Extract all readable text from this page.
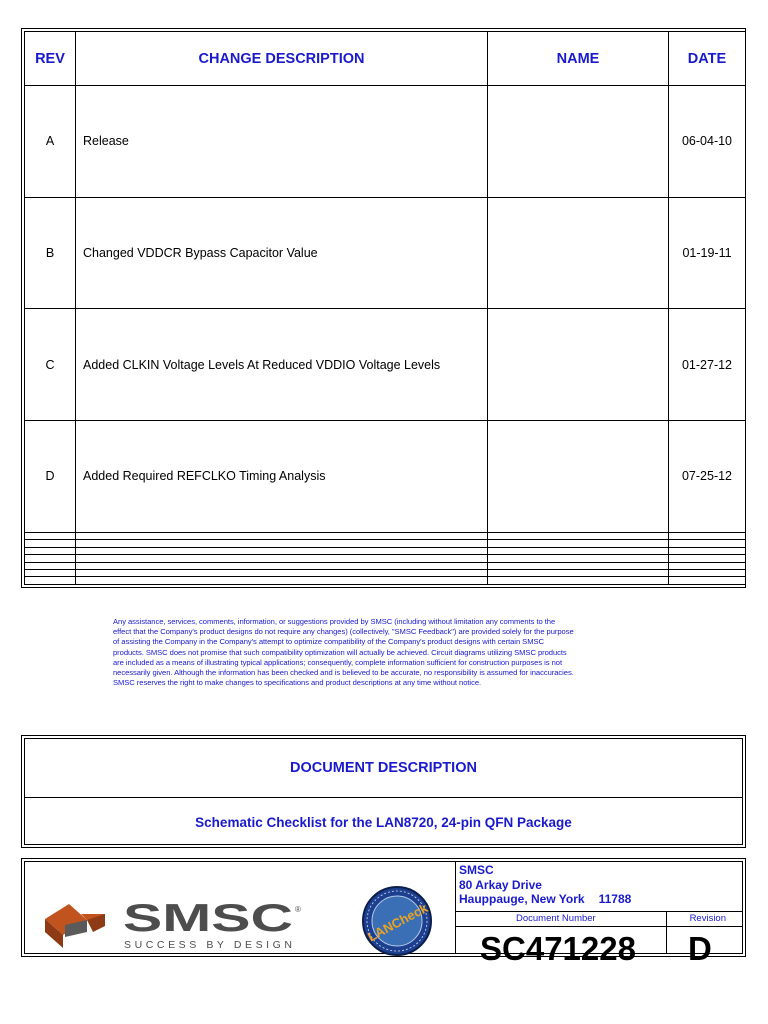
REV	CHANGE DESCRIPTION	NAME	DATE
A	Release		06-04-10
B	Changed VDDCR Bypass Capacitor Value		01-19-11
C	Added CLKIN Voltage Levels At Reduced VDDIO Voltage Levels		01-27-12
D	Added Required REFCLKO Timing Analysis		07-25-12

Any assistance, services, comments, information, or suggestions provided by SMSC (including without limitation any comments to the
effect that the Company's product designs do not require any changes) (collectively, "SMSC Feedback") are provided solely for the purpose
of assisting the Company in the Company's attempt to optimize compatibility of the Company's product designs with certain SMSC
products. SMSC does not promise that such compatibility optimization will actually be achieved. Circuit diagrams utilizing SMSC products
are included as a means of illustrating typical applications; consequently, complete information sufficient for construction purposes is not
necessarily given. Although the information has been checked and is believed to be accurate, no responsibility is assumed for inaccuracies.
SMSC reserves the right to make changes to specifications and product descriptions at any time without notice.
DOCUMENT DESCRIPTION
Schematic Checklist for the LAN8720, 24-pin QFN Package
SMSC ®
SUCCESS BY DESIGN
LANCheck
SMSC
80 Arkay Drive
Hauppauge, New York 11788
Document Number	Revision
SC471228 D
